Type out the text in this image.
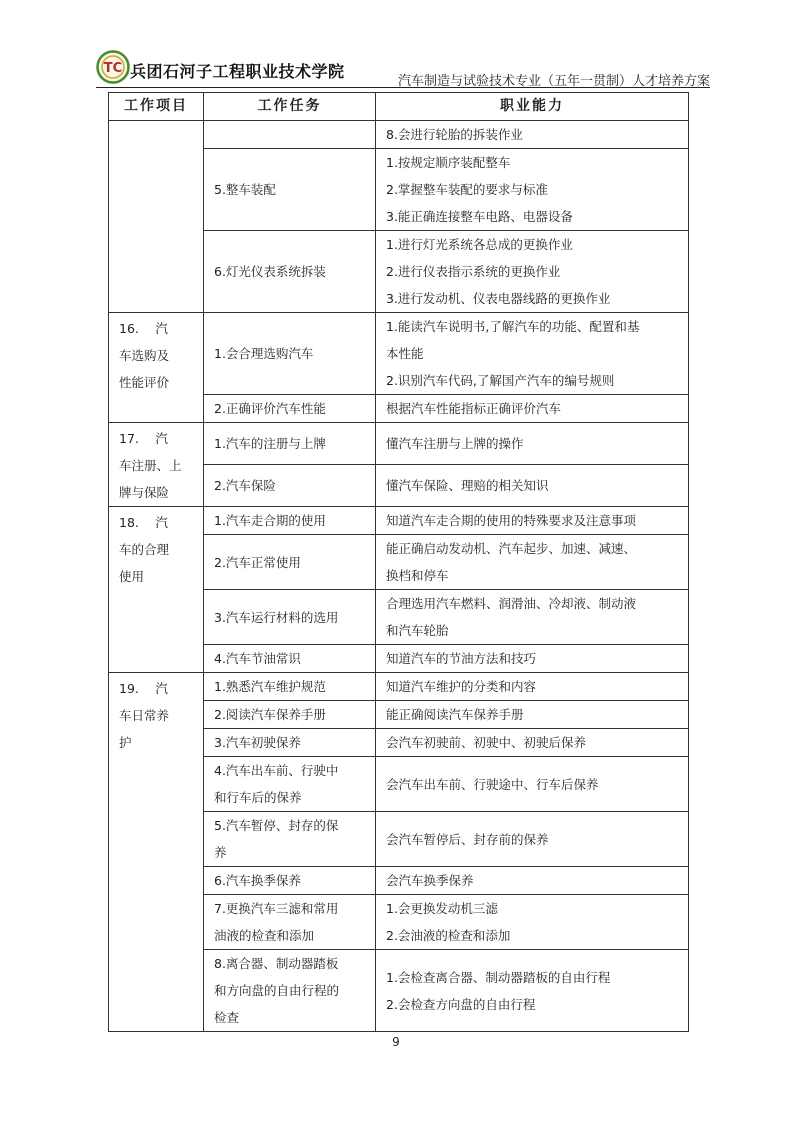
TC 兵团石河子工程职业技术学院
汽车制造与试验技术专业（五年一贯制）人才培养方案
工作项目	工作任务	职业能力

		8.会进行轮胎的拆装作业

	5.整车装配	1.按规定顺序装配整车
2.掌握整车装配的要求与标准
3.能正确连接整车电路、电器设备

	6.灯光仪表系统拆装	1.进行灯光系统各总成的更换作业
2.进行仪表指示系统的更换作业
3.进行发动机、仪表电器线路的更换作业

16.　 汽
车选购及
性能评价	1.会合理选购汽车	1.能读汽车说明书,了解汽车的功能、配置和基
本性能
2.识别汽车代码,了解国产汽车的编号规则

	2.正确评价汽车性能	根据汽车性能指标正确评价汽车

17.　 汽
车注册、上
牌与保险	1.汽车的注册与上牌	懂汽车注册与上牌的操作

	2.汽车保险	懂汽车保险、理赔的相关知识

18.　 汽
车的合理
使用	1.汽车走合期的使用	知道汽车走合期的使用的特殊要求及注意事项

	2.汽车正常使用	能正确启动发动机、汽车起步、加速、减速、
换档和停车

	3.汽车运行材料的选用	合理选用汽车燃料、润滑油、冷却液、制动液
和汽车轮胎

	4.汽车节油常识	知道汽车的节油方法和技巧

19.　 汽
车日常养
护	1.熟悉汽车维护规范	知道汽车维护的分类和内容

	2.阅读汽车保养手册	能正确阅读汽车保养手册

	3.汽车初驶保养	会汽车初驶前、初驶中、初驶后保养

	4.汽车出车前、行驶中
和行车后的保养	会汽车出车前、行驶途中、行车后保养

	5.汽车暂停、封存的保
养	会汽车暂停后、封存前的保养

	6.汽车换季保养	会汽车换季保养

	7.更换汽车三滤和常用
油液的检查和添加	1.会更换发动机三滤
2.会油液的检查和添加

	8.离合器、制动器踏板
和方向盘的自由行程的
检查	1.会检查离合器、制动器踏板的自由行程
2.会检查方向盘的自由行程
9
